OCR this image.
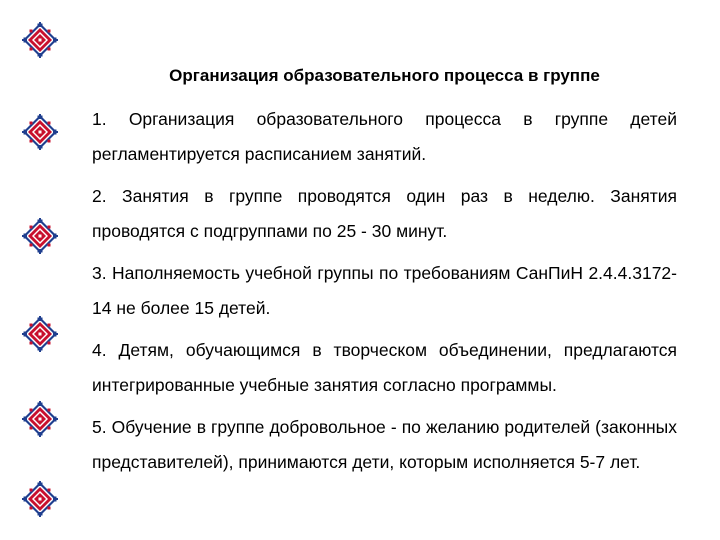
Организация образовательного процесса в группе

1. Организация образовательного процесса в группе детей регламентируется расписанием занятий.

2. Занятия в группе проводятся один раз в неделю. Занятия проводятся с подгруппами по 25 - 30 минут.

3. Наполняемость учебной группы по требованиям СанПиН 2.4.4.3172-14 не более 15 детей.

4. Детям, обучающимся в творческом объединении, предлагаются интегрированные учебные занятия согласно программы.

5. Обучение в группе добровольное - по желанию родителей (законных представителей), принимаются дети, которым исполняется 5-7 лет.
